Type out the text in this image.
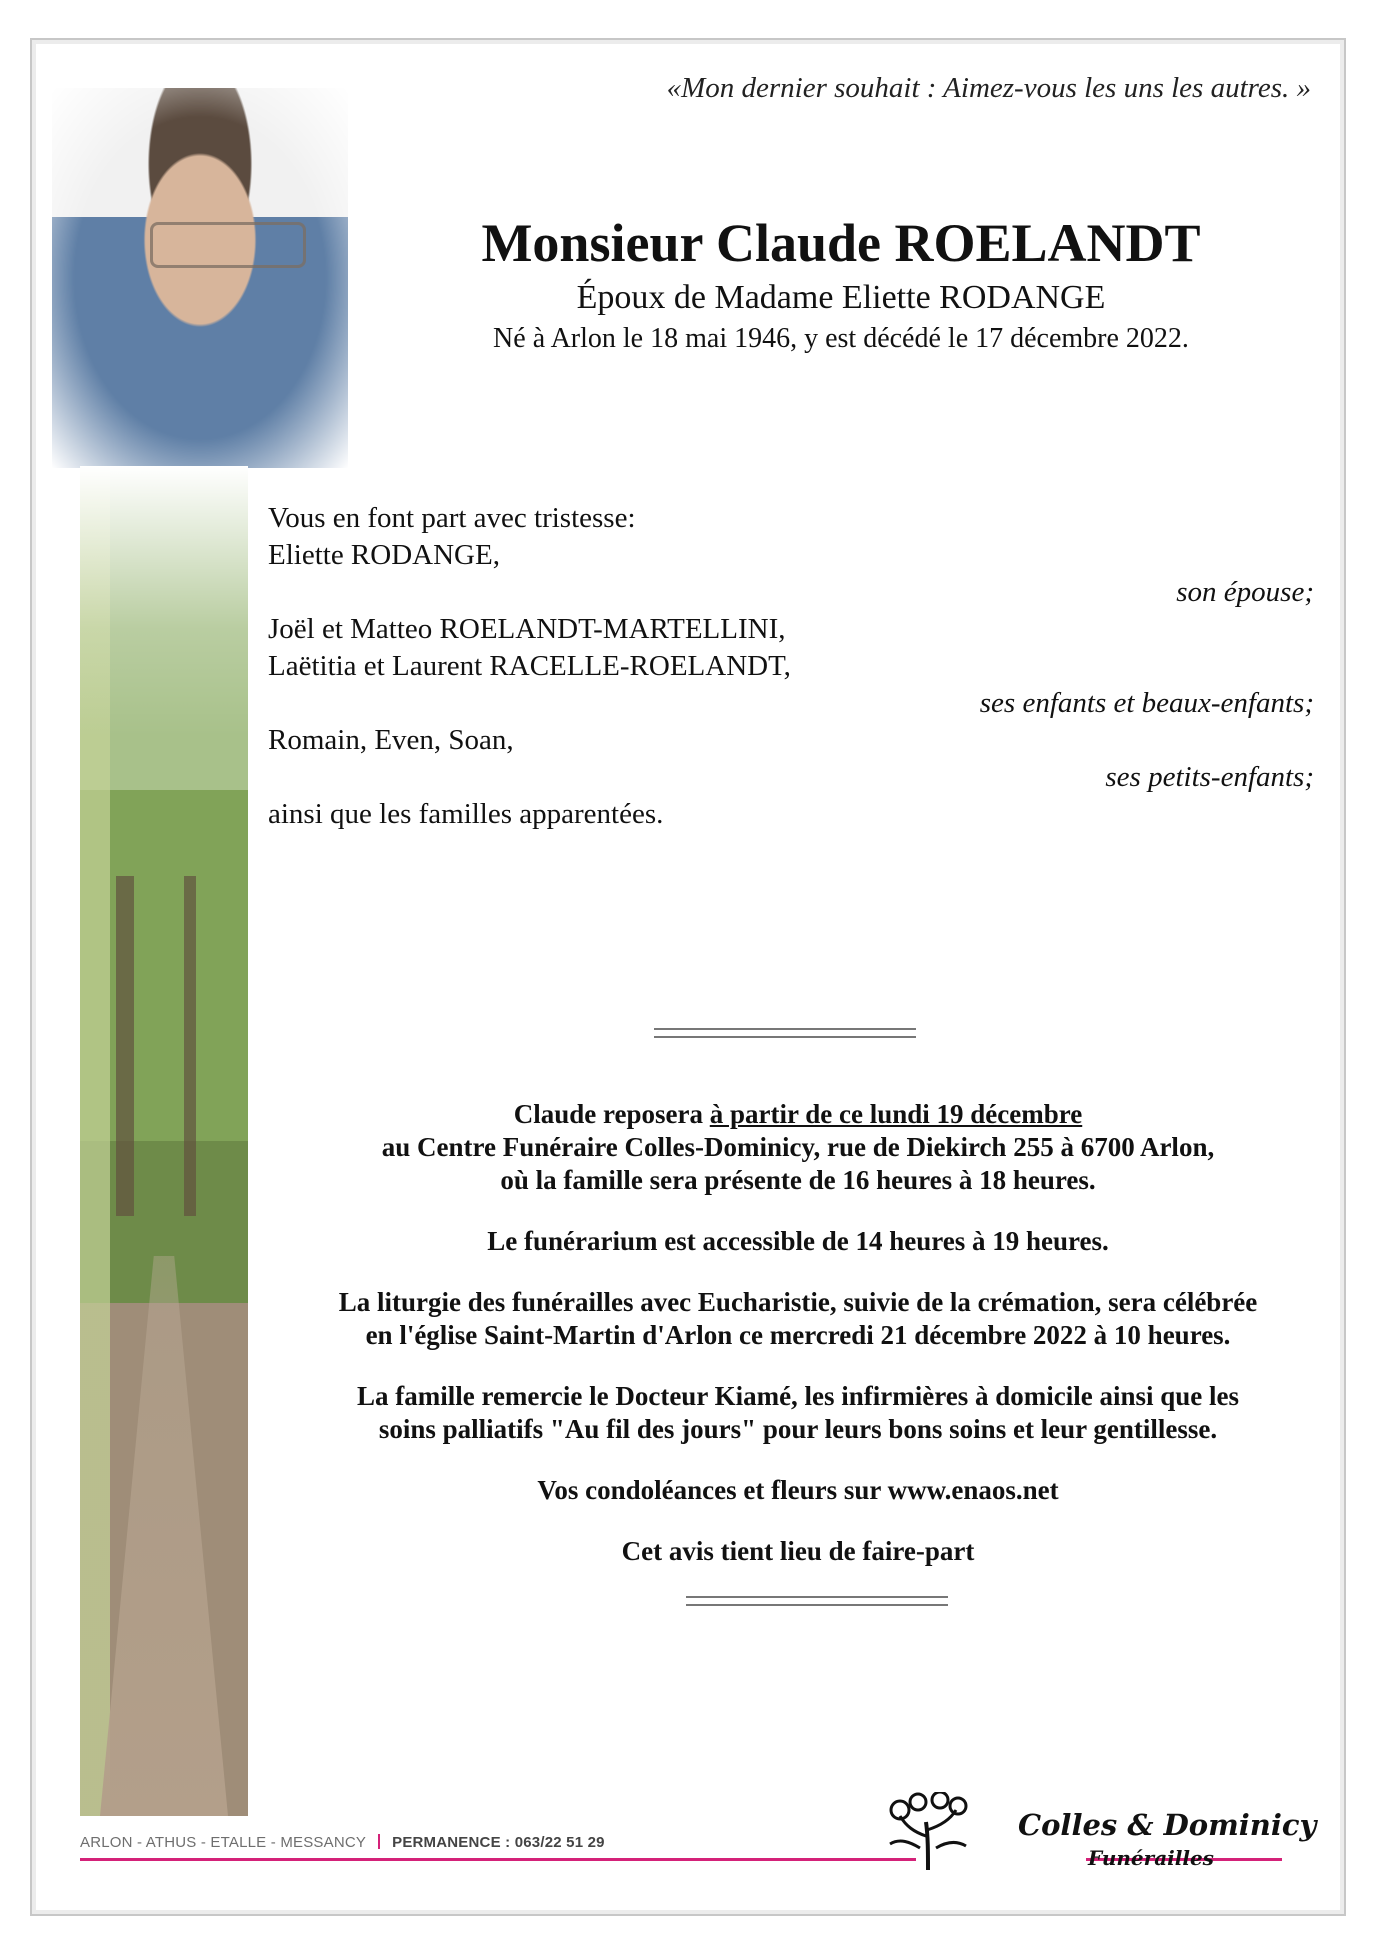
«Mon dernier souhait : Aimez-vous les uns les autres. »
Monsieur Claude ROELANDT
Époux de Madame Eliette RODANGE
Né à Arlon le 18 mai 1946, y est décédé le 17 décembre 2022.
Vous en font part avec tristesse:
Eliette RODANGE,
son épouse;
Joël et Matteo ROELANDT-MARTELLINI,
Laëtitia et Laurent RACELLE-ROELANDT,
ses enfants et beaux-enfants;
Romain, Even, Soan,
ses petits-enfants;
ainsi que les familles apparentées.

Claude reposera à partir de ce lundi 19 décembre
au Centre Funéraire Colles-Dominicy, rue de Diekirch 255 à 6700 Arlon,
où la famille sera présente de 16 heures à 18 heures.

Le funérarium est accessible de 14 heures à 19 heures.

La liturgie des funérailles avec Eucharistie, suivie de la crémation, sera célébrée
en l'église Saint-Martin d'Arlon ce mercredi 21 décembre 2022 à 10 heures.

La famille remercie le Docteur Kiamé, les infirmières à domicile ainsi que les
soins palliatifs "Au fil des jours" pour leurs bons soins et leur gentillesse.

Vos condoléances et fleurs sur www.enaos.net

Cet avis tient lieu de faire-part

ARLON - ATHUS - ETALLE - MESSANCY PERMANENCE : 063/22 51 29
Colles & Dominicy
Funérailles
